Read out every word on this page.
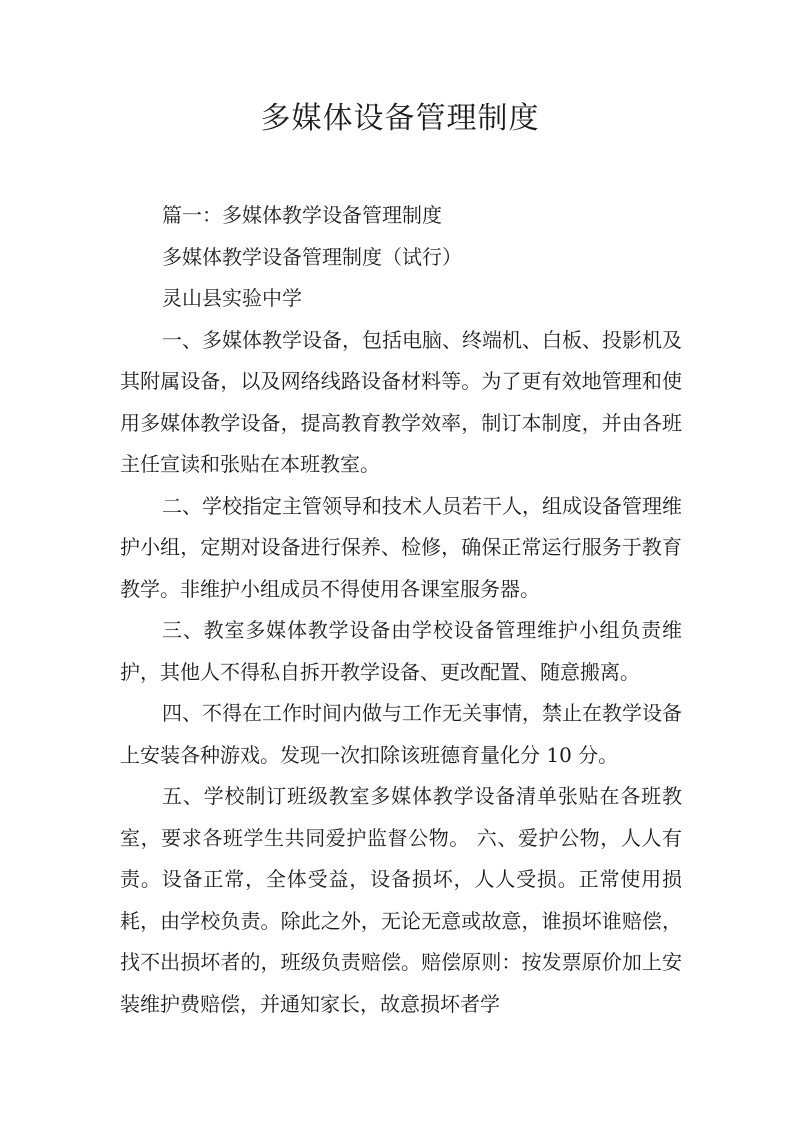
多媒体设备管理制度

篇一：多媒体教学设备管理制度

多媒体教学设备管理制度（试行）

灵山县实验中学

一、多媒体教学设备，包括电脑、终端机、白板、投影机及其附属设备，以及网络线路设备材料等。为了更有效地管理和使用多媒体教学设备，提高教育教学效率，制订本制度，并由各班主任宣读和张贴在本班教室。

二、学校指定主管领导和技术人员若干人，组成设备管理维护小组，定期对设备进行保养、检修，确保正常运行服务于教育教学。非维护小组成员不得使用各课室服务器。

三、教室多媒体教学设备由学校设备管理维护小组负责维护，其他人不得私自拆开教学设备、更改配置、随意搬离。

四、不得在工作时间内做与工作无关事情，禁止在教学设备上安装各种游戏。发现一次扣除该班德育量化分 10 分。

五、学校制订班级教室多媒体教学设备清单张贴在各班教室，要求各班学生共同爱护监督公物。 六、爱护公物，人人有责。设备正常，全体受益，设备损坏，人人受损。正常使用损耗，由学校负责。除此之外，无论无意或故意，谁损坏谁赔偿，找不出损坏者的，班级负责赔偿。赔偿原则：按发票原价加上安装维护费赔偿，并通知家长，故意损坏者学
